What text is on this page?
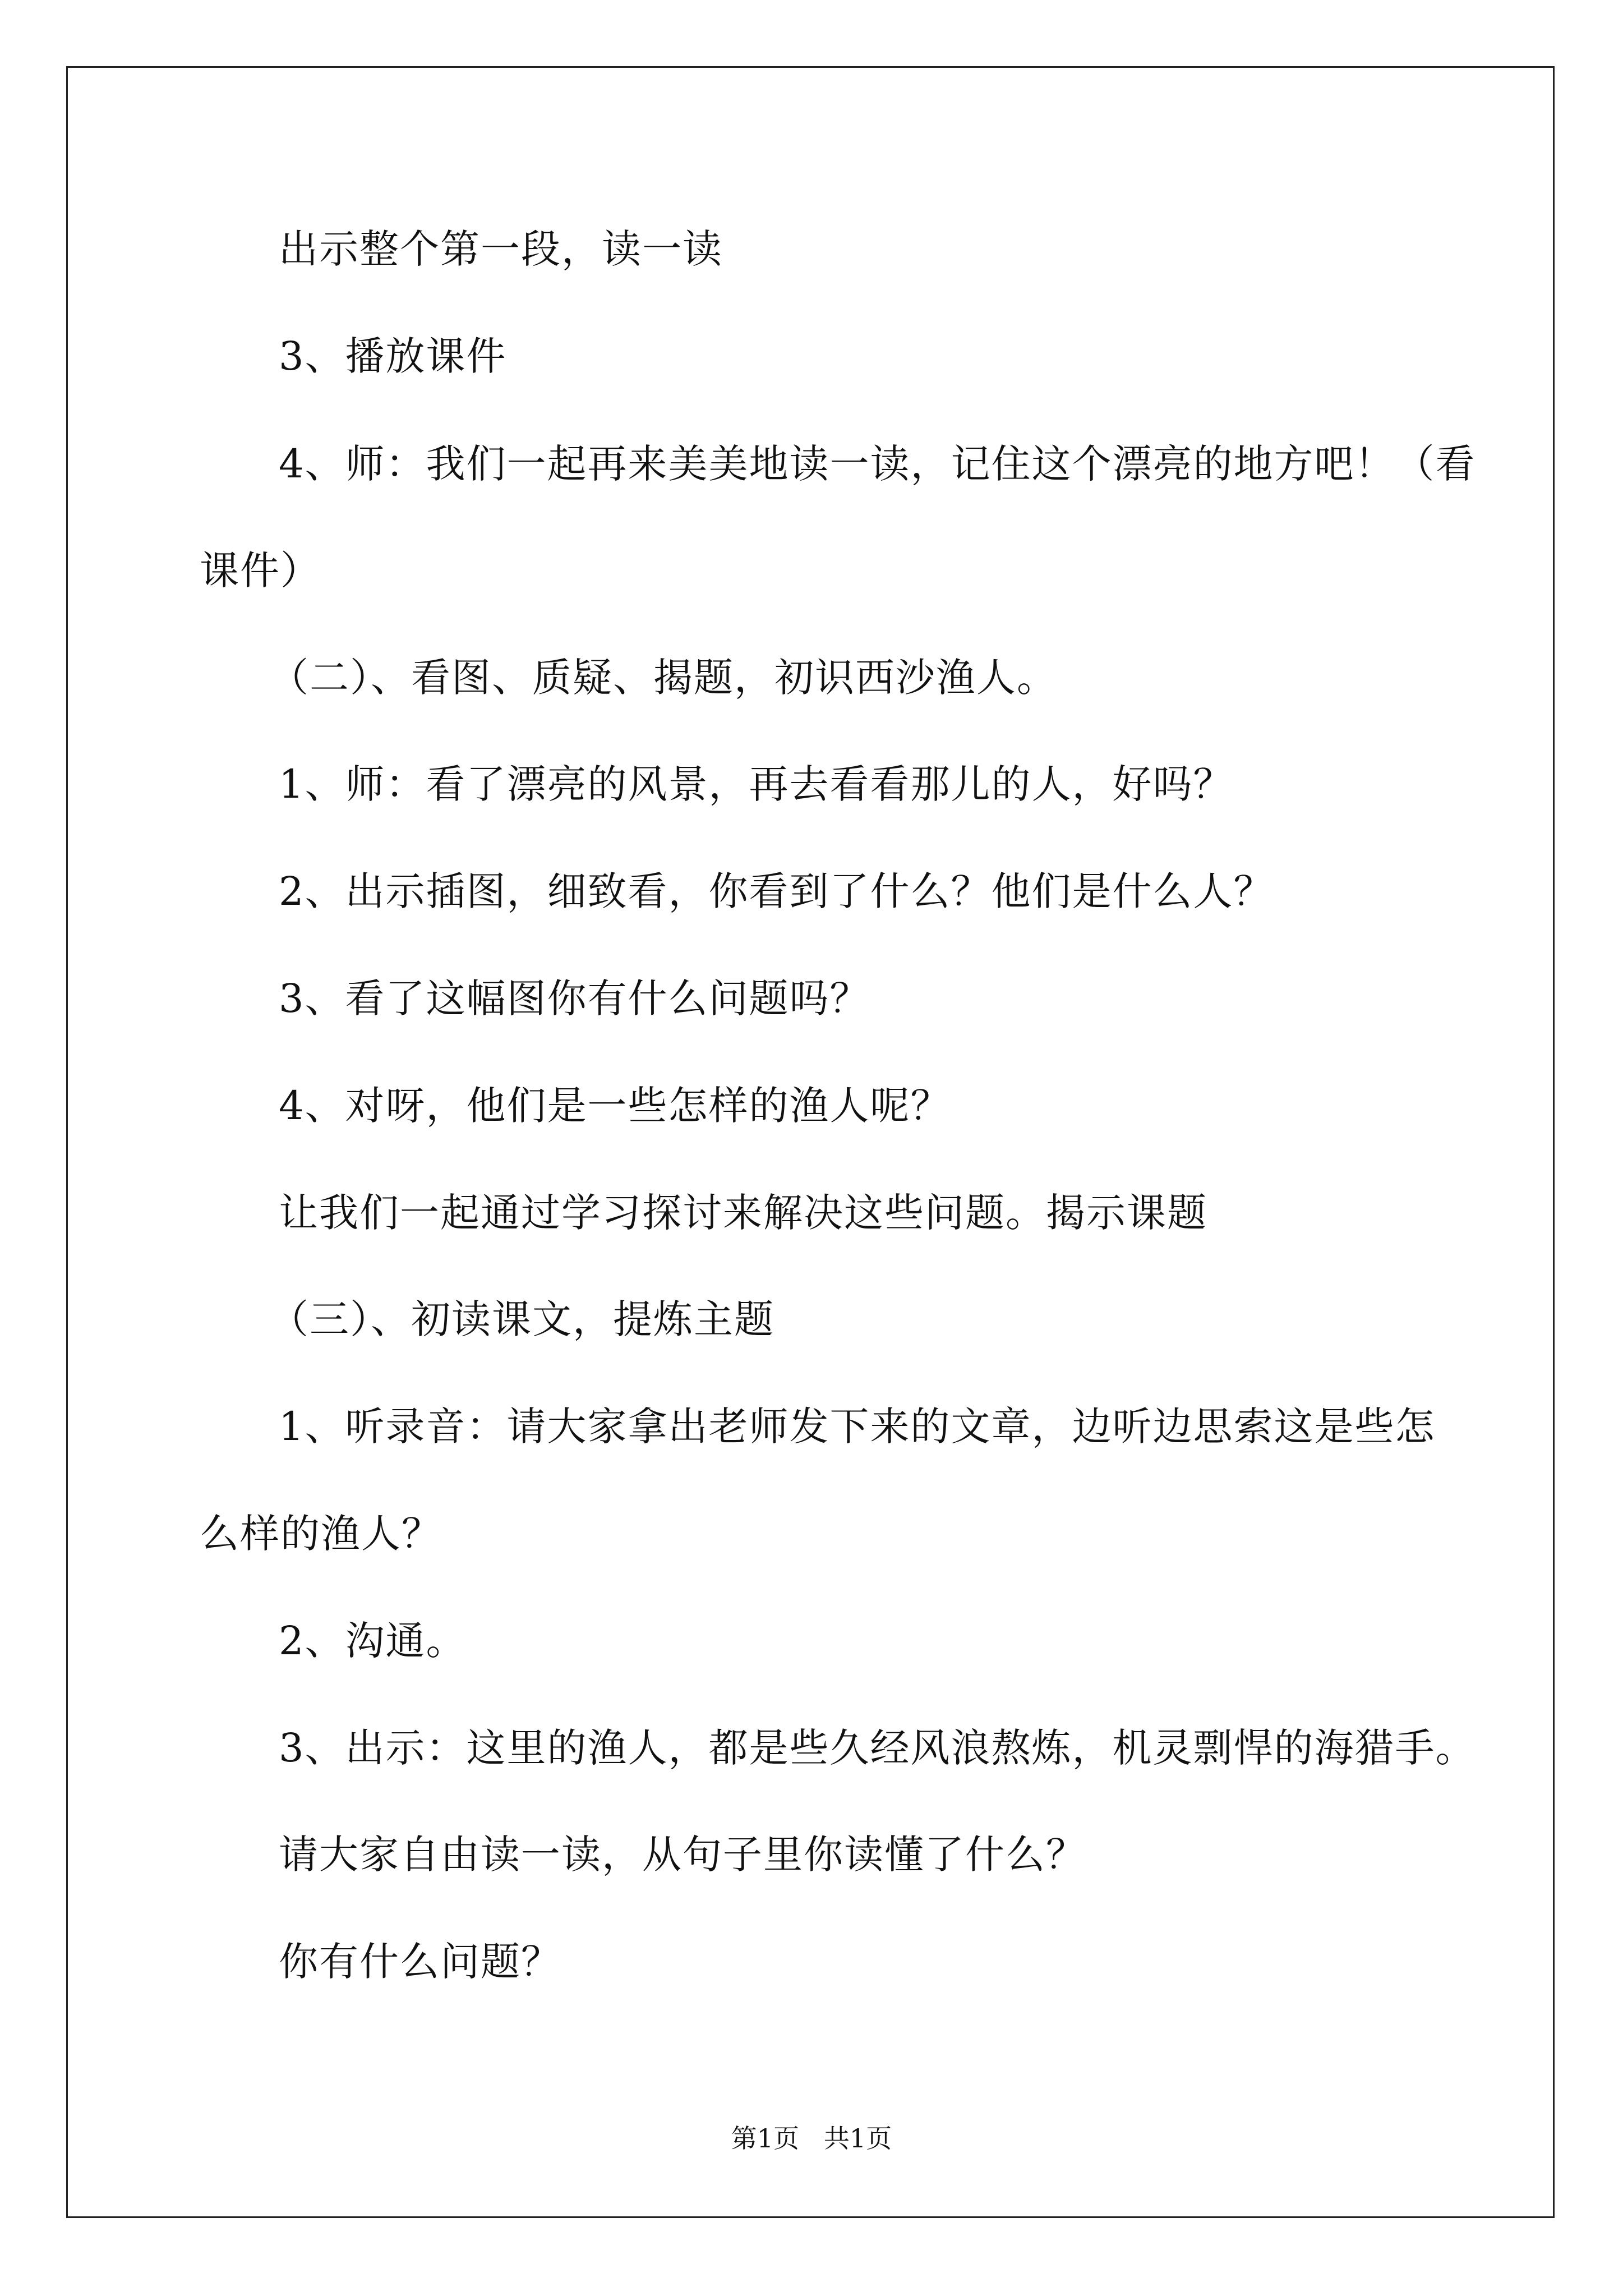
出示整个第一段，读一读
3、播放课件
4、师：我们一起再来美美地读一读，记住这个漂亮的地方吧！（看
课件）
（二）、看图、质疑、揭题，初识西沙渔人。
1、师：看了漂亮的风景，再去看看那儿的人，好吗？
2、出示插图，细致看，你看到了什么？他们是什么人？
3、看了这幅图你有什么问题吗？
4、对呀，他们是一些怎样的渔人呢？
让我们一起通过学习探讨来解决这些问题。揭示课题
（三）、初读课文，提炼主题
1、听录音：请大家拿出老师发下来的文章，边听边思索这是些怎
么样的渔人？
2、沟通。
3、出示：这里的渔人，都是些久经风浪熬炼，机灵剽悍的海猎手。
请大家自由读一读，从句子里你读懂了什么？
你有什么问题？
第1页   共1页
